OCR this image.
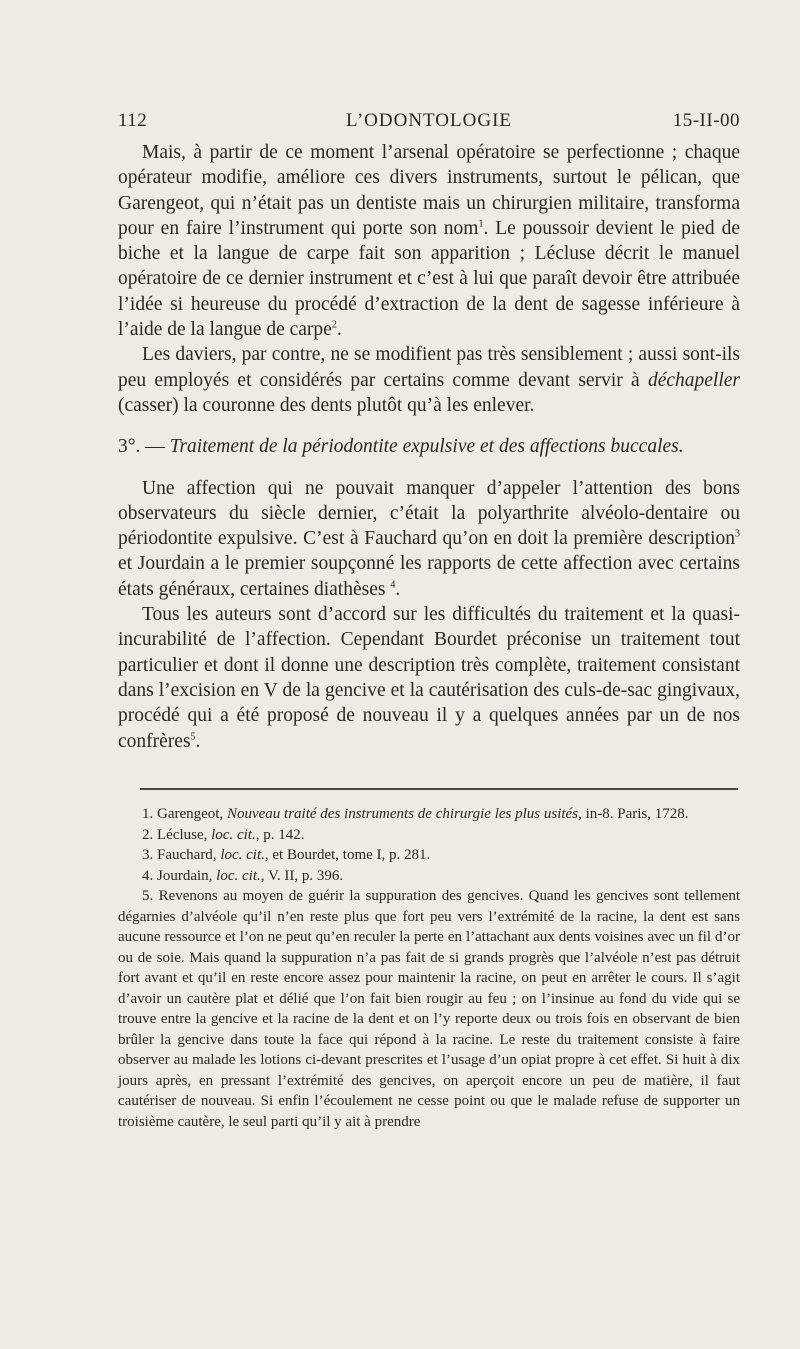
112	L’ODONTOLOGIE	15-II-00

Mais, à partir de ce moment l’arsenal opératoire se perfectionne ; chaque opérateur modifie, améliore ces divers instruments, surtout le pélican, que Garengeot, qui n’était pas un dentiste mais un chirurgien militaire, transforma pour en faire l’instrument qui porte son nom$^1$. Le poussoir devient le pied de biche et la langue de carpe fait son apparition ; Lécluse décrit le manuel opératoire de ce dernier instrument et c’est à lui que paraît devoir être attribuée l’idée si heureuse du procédé d’extraction de la dent de sagesse inférieure à l’aide de la langue de carpe$^2$.

Les daviers, par contre, ne se modifient pas très sensiblement ; aussi sont-ils peu employés et considérés par certains comme devant servir à déchapeller (casser) la couronne des dents plutôt qu’à les enlever.

3°. — Traitement de la périodontite expulsive et des affections buccales.

Une affection qui ne pouvait manquer d’appeler l’attention des bons observateurs du siècle dernier, c’était la polyarthrite alvéolo-dentaire ou périodontite expulsive. C’est à Fauchard qu’on en doit la première description$^3$ et Jourdain a le premier soupçonné les rapports de cette affection avec certains états généraux, certaines diathèses $^4$.

Tous les auteurs sont d’accord sur les difficultés du traitement et la quasi-incurabilité de l’affection. Cependant Bourdet préconise un traitement tout particulier et dont il donne une description très complète, traitement consistant dans l’excision en V de la gencive et la cautérisation des culs-de-sac gingivaux, procédé qui a été proposé de nouveau il y a quelques années par un de nos confrères$^5$.

1. Garengeot, Nouveau traité des instruments de chirurgie les plus usités, in-8. Paris, 1728.

2. Lécluse, loc. cit., p. 142.

3. Fauchard, loc. cit., et Bourdet, tome I, p. 281.

4. Jourdain, loc. cit., V. II, p. 396.

5. Revenons au moyen de guérir la suppuration des gencives. Quand les gencives sont tellement dégarnies d’alvéole qu’il n’en reste plus que fort peu vers l’extrémité de la racine, la dent est sans aucune ressource et l’on ne peut qu’en reculer la perte en l’attachant aux dents voisines avec un fil d’or ou de soie. Mais quand la suppuration n’a pas fait de si grands progrès que l’alvéole n’est pas détruit fort avant et qu’il en reste encore assez pour maintenir la racine, on peut en arrêter le cours. Il s’agit d’avoir un cautère plat et délié que l’on fait bien rougir au feu ; on l’insinue au fond du vide qui se trouve entre la gencive et la racine de la dent et on l’y reporte deux ou trois fois en observant de bien brûler la gencive dans toute la face qui répond à la racine. Le reste du traitement consiste à faire observer au malade les lotions ci-devant prescrites et l’usage d’un opiat propre à cet effet. Si huit à dix jours après, en pressant l’extrémité des gencives, on aperçoit encore un peu de matière, il faut cautériser de nouveau. Si enfin l’écoulement ne cesse point ou que le malade refuse de supporter un troisième cautère, le seul parti qu’il y ait à prendre
